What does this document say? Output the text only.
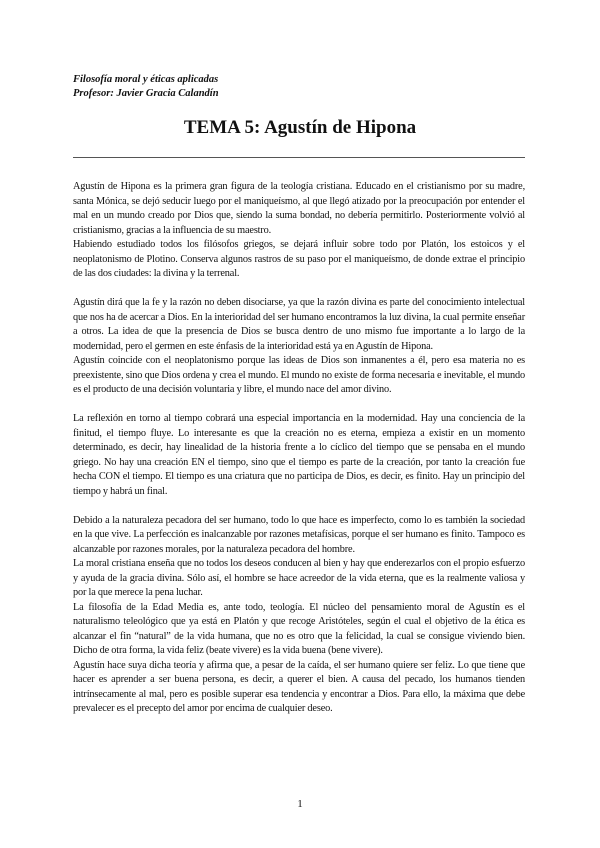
Filosofía moral y éticas aplicadas

Profesor: Javier Gracia Calandín

TEMA 5: Agustín de Hipona

Agustín de Hipona es la primera gran figura de la teología cristiana. Educado en el cristianismo por su madre, santa Mónica, se dejó seducir luego por el maniqueísmo, al que llegó atizado por la preocupación por entender el mal en un mundo creado por Dios que, siendo la suma bondad, no debería permitirlo. Posteriormente volvió al cristianismo, gracias a la influencia de su maestro.

Habiendo estudiado todos los filósofos griegos, se dejará influir sobre todo por Platón, los estoicos y el neoplatonismo de Plotino. Conserva algunos rastros de su paso por el maniqueísmo, de donde extrae el principio de las dos ciudades: la divina y la terrenal.

Agustín dirá que la fe y la razón no deben disociarse, ya que la razón divina es parte del conocimiento intelectual que nos ha de acercar a Dios. En la interioridad del ser humano encontramos la luz divina, la cual permite enseñar a otros. La idea de que la presencia de Dios se busca dentro de uno mismo fue importante a lo largo de la modernidad, pero el germen en este énfasis de la interioridad está ya en Agustín de Hipona.

Agustín coincide con el neoplatonismo porque las ideas de Dios son inmanentes a él, pero esa materia no es preexistente, sino que Dios ordena y crea el mundo. El mundo no existe de forma necesaria e inevitable, el mundo es el producto de una decisión voluntaria y libre, el mundo nace del amor divino.

La reflexión en torno al tiempo cobrará una especial importancia en la modernidad. Hay una conciencia de la finitud, el tiempo fluye. Lo interesante es que la creación no es eterna, empieza a existir en un momento determinado, es decir, hay linealidad de la historia frente a lo cíclico del tiempo que se pensaba en el mundo griego. No hay una creación EN el tiempo, sino que el tiempo es parte de la creación, por tanto la creación fue hecha CON el tiempo. El tiempo es una criatura que no participa de Dios, es decir, es finito. Hay un principio del tiempo y habrá un final.

Debido a la naturaleza pecadora del ser humano, todo lo que hace es imperfecto, como lo es también la sociedad en la que vive. La perfección es inalcanzable por razones metafísicas, porque el ser humano es finito. Tampoco es alcanzable por razones morales, por la naturaleza pecadora del hombre.

La moral cristiana enseña que no todos los deseos conducen al bien y hay que enderezarlos con el propio esfuerzo y ayuda de la gracia divina. Sólo así, el hombre se hace acreedor de la vida eterna, que es la realmente valiosa y por la que merece la pena luchar.

La filosofía de la Edad Media es, ante todo, teología. El núcleo del pensamiento moral de Agustín es el naturalismo teleológico que ya está en Platón y que recoge Aristóteles, según el cual el objetivo de la ética es alcanzar el fin “natural” de la vida humana, que no es otro que la felicidad, la cual se consigue viviendo bien. Dicho de otra forma, la vida feliz (beate vivere) es la vida buena (bene vivere).

Agustín hace suya dicha teoría y afirma que, a pesar de la caída, el ser humano quiere ser feliz. Lo que tiene que hacer es aprender a ser buena persona, es decir, a querer el bien. A causa del pecado, los humanos tienden intrínsecamente al mal, pero es posible superar esa tendencia y encontrar a Dios. Para ello, la máxima que debe prevalecer es el precepto del amor por encima de cualquier deseo.

1
